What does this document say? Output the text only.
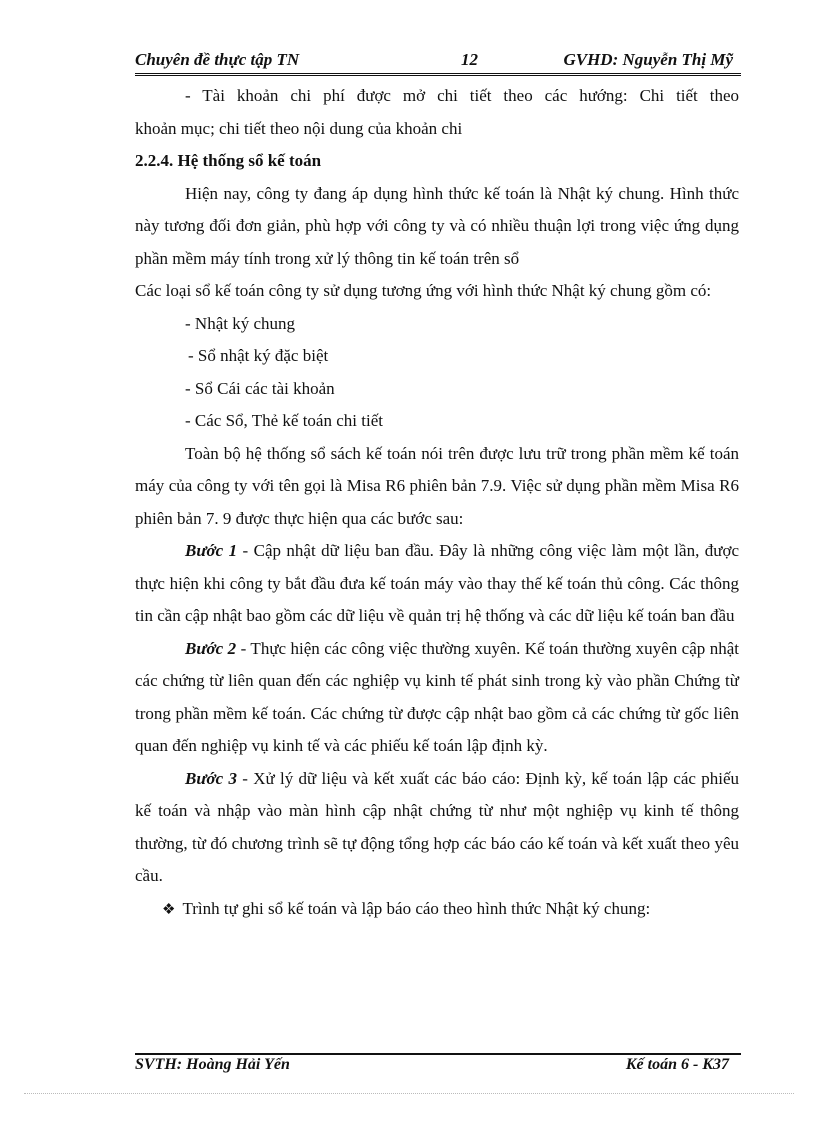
Chuyên đề thực tập TN	12	GVHD: Nguyễn Thị Mỹ

- Tài khoản chi phí được mở chi tiết theo các hướng: Chi tiết theo

khoản mục; chi tiết theo nội dung của khoản chi

2.2.4. Hệ thống sổ kế toán

Hiện nay, công ty đang áp dụng hình thức kế toán là Nhật ký chung. Hình thức này tương đối đơn giản, phù hợp với công ty và có nhiều thuận lợi trong việc ứng dụng phần mềm máy tính trong xử lý thông tin kế toán trên sổ

Các loại sổ kế toán công ty sử dụng tương ứng với hình thức Nhật ký chung gồm có:

- Nhật ký chung

- Sổ nhật ký đặc biệt

- Sổ Cái các tài khoản

- Các Sổ, Thẻ kế toán chi tiết

Toàn bộ hệ thống sổ sách kế toán nói trên được lưu trữ trong phần mềm kế toán máy của công ty với tên gọi là Misa R6 phiên bản 7.9. Việc sử dụng phần mềm Misa R6 phiên bản 7. 9 được thực hiện qua các bước sau:

Bước 1 - Cập nhật dữ liệu ban đầu. Đây là những công việc làm một lần, được thực hiện khi công ty bắt đầu đưa kế toán máy vào thay thế kế toán thủ công. Các thông tin cần cập nhật bao gồm các dữ liệu về quản trị hệ thống và các dữ liệu kế toán ban đầu

Bước 2 - Thực hiện các công việc thường xuyên. Kế toán thường xuyên cập nhật các chứng từ liên quan đến các nghiệp vụ kinh tế phát sinh trong kỳ vào phần Chứng từ trong phần mềm kế toán. Các chứng từ được cập nhật bao gồm cả các chứng từ gốc liên quan đến nghiệp vụ kinh tế và các phiếu kế toán lập định kỳ.

Bước 3 - Xử lý dữ liệu và kết xuất các báo cáo: Định kỳ, kế toán lập các phiếu kế toán và nhập vào màn hình cập nhật chứng từ như một nghiệp vụ kinh tế thông thường, từ đó chương trình sẽ tự động tổng hợp các báo cáo kế toán và kết xuất theo yêu cầu.

❖ Trình tự ghi sổ kế toán và lập báo cáo theo hình thức Nhật ký chung:

SVTH: Hoàng Hải Yến	Kế toán 6 - K37
